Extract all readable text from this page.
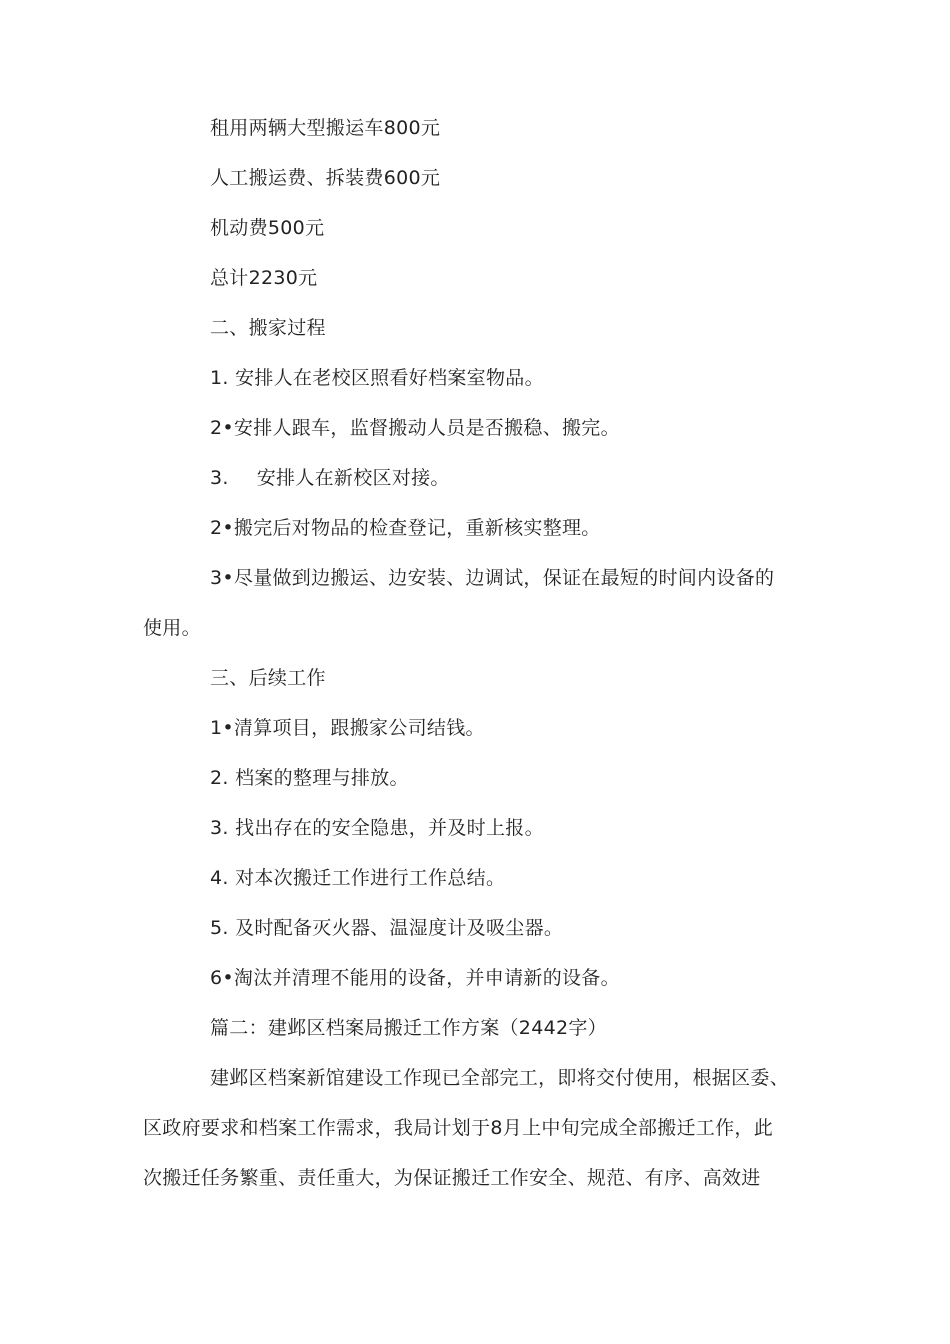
租用两辆大型搬运车800元
人工搬运费、拆装费600元
机动费500元
总计2230元
二、搬家过程
1. 安排人在老校区照看好档案室物品。
2•安排人跟车，监督搬动人员是否搬稳、搬完。
3. 安排人在新校区对接。
2•搬完后对物品的检查登记，重新核实整理。
3•尽量做到边搬运、边安装、边调试，保证在最短的时间内设备的
使用。
三、后续工作
1•清算项目，跟搬家公司结钱。
2. 档案的整理与排放。
3. 找出存在的安全隐患，并及时上报。
4. 对本次搬迁工作进行工作总结。
5. 及时配备灭火器、温湿度计及吸尘器。
6•淘汰并清理不能用的设备，并申请新的设备。
篇二：建邺区档案局搬迁工作方案（2442字）
建邺区档案新馆建设工作现已全部完工，即将交付使用，根据区委、
区政府要求和档案工作需求，我局计划于8月上中旬完成全部搬迁工作，此
次搬迁任务繁重、责任重大，为保证搬迁工作安全、规范、有序、高效进
